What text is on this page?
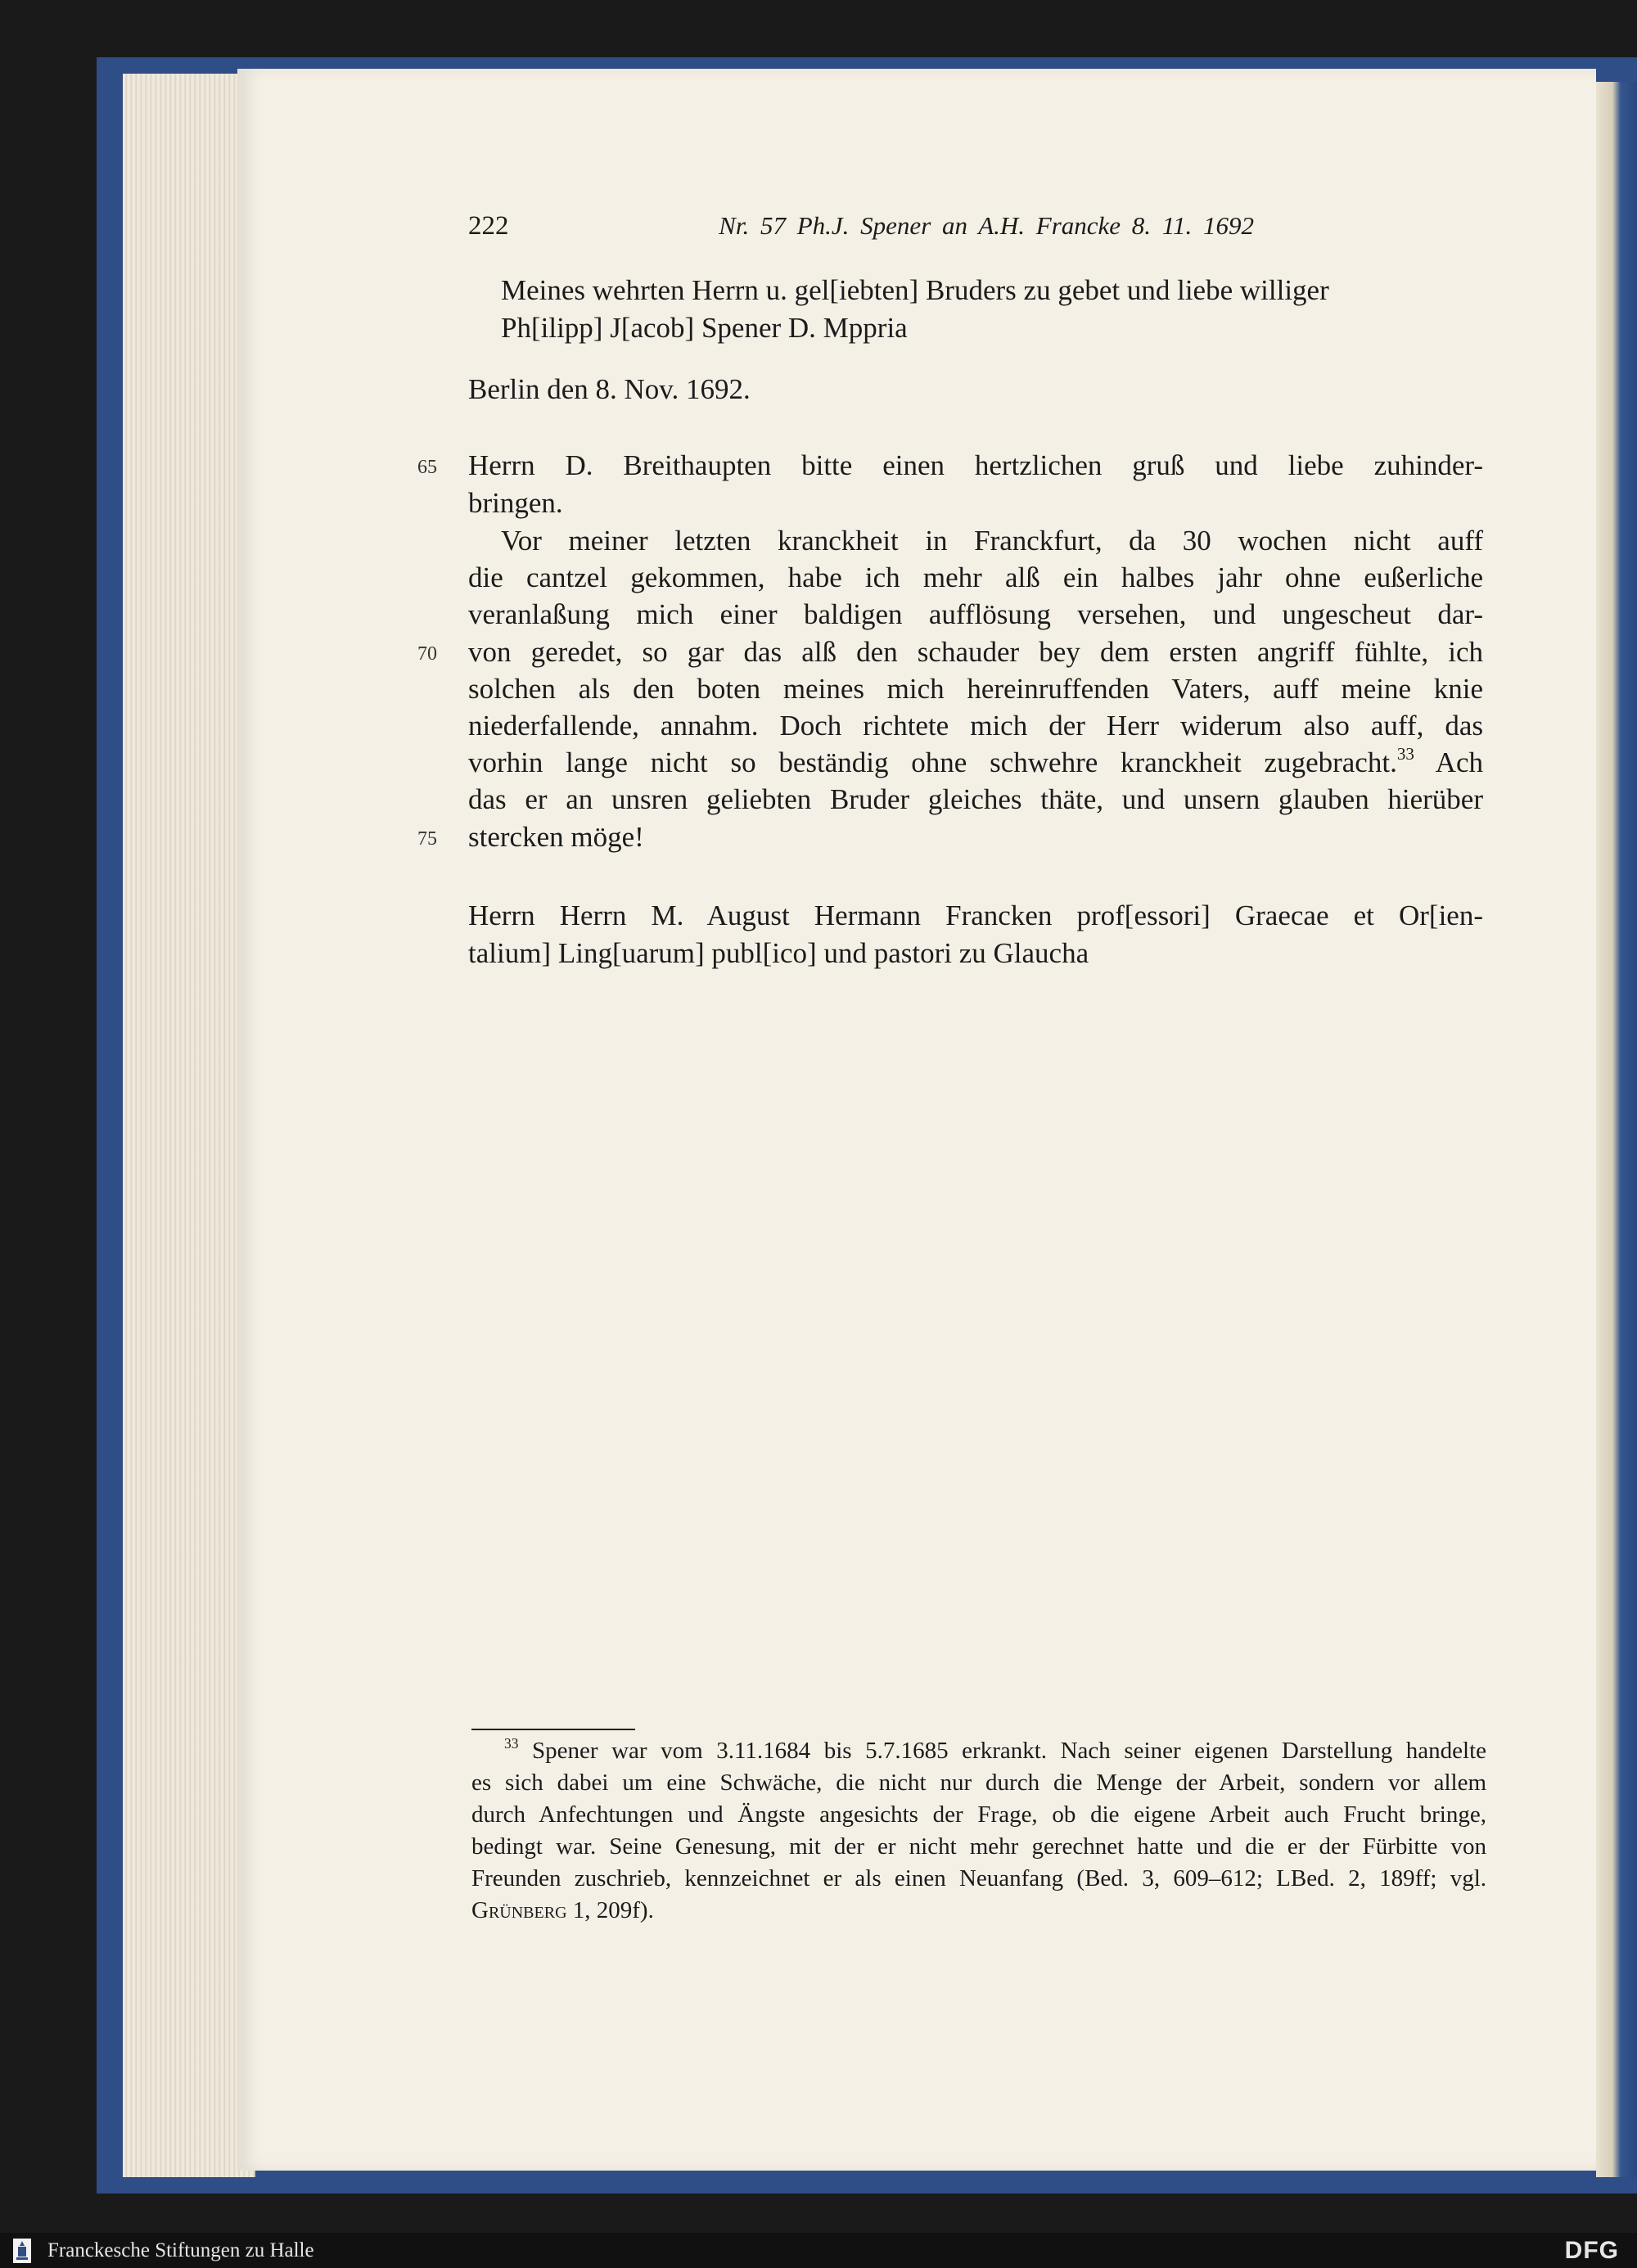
222	Nr. 57 Ph.J. Spener an A.H. Francke 8. 11. 1692
Meines wehrten Herrn u. gel[iebten] Bruders zu gebet und liebe williger
Ph[ilipp] J[acob] Spener D. Mppria
Berlin den 8. Nov. 1692.
65	Herrn D. Breithaupten bitte einen hertzlichen gruß und liebe zuhinder-
bringen.
Vor meiner letzten kranckheit in Franckfurt, da 30 wochen nicht auff
die cantzel gekommen, habe ich mehr alß ein halbes jahr ohne eußerliche
veranlaßung mich einer baldigen aufflösung versehen, und ungescheut dar-
70	von geredet, so gar das alß den schauder bey dem ersten angriff fühlte, ich
solchen als den boten meines mich hereinruffenden Vaters, auff meine knie
niederfallende, annahm. Doch richtete mich der Herr widerum also auff, das
vorhin lange nicht so beständig ohne schwehre kranckheit zugebracht.$^{33}$ Ach
das er an unsren geliebten Bruder gleiches thäte, und unsern glauben hierüber
75	stercken möge!
Herrn Herrn M. August Hermann Francken prof[essori] Graecae et Or[ien-
talium] Ling[uarum] publ[ico] und pastori zu Glaucha
$^{33}$ Spener war vom 3.11.1684 bis 5.7.1685 erkrankt. Nach seiner eigenen Darstellung handelte
es sich dabei um eine Schwäche, die nicht nur durch die Menge der Arbeit, sondern vor allem
durch Anfechtungen und Ängste angesichts der Frage, ob die eigene Arbeit auch Frucht bringe,
bedingt war. Seine Genesung, mit der er nicht mehr gerechnet hatte und die er der Fürbitte von
Freunden zuschrieb, kennzeichnet er als einen Neuanfang (Bed. 3, 609–612; LBed. 2, 189ff; vgl.
Grünberg 1, 209f).
Franckesche Stiftungen zu Halle	DFG
